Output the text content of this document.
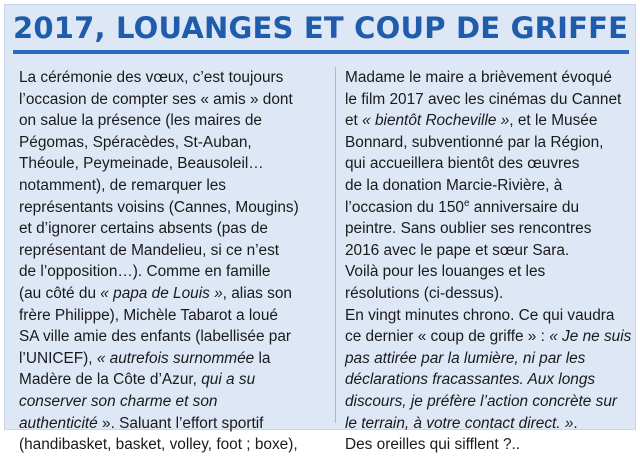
2017, LOUANGES ET COUP DE GRIFFE
La cérémonie des vœux, c’est toujours
l’occasion de compter ses « amis » dont
on salue la présence (les maires de
Pégomas, Spéracèdes, St-Auban,
Théoule, Peymeinade, Beausoleil…
notamment), de remarquer les
représentants voisins (Cannes, Mougins)
et d’ignorer certains absents (pas de
représentant de Mandelieu, si ce n’est
de l’opposition…). Comme en famille
(au côté du « papa de Louis », alias son
frère Philippe), Michèle Tabarot a loué
SA ville amie des enfants (labellisée par
l’UNICEF), « autrefois surnommée la
Madère de la Côte d’Azur, qui a su
conserver son charme et son
authenticité ». Saluant l’effort sportif
(handibasket, basket, volley, foot ; boxe),
Madame le maire a brièvement évoqué
le film 2017 avec les cinémas du Cannet
et « bientôt Rocheville », et le Musée
Bonnard, subventionné par la Région,
qui accueillera bientôt des œuvres
de la donation Marcie-Rivière, à
l’occasion du 150e anniversaire du
peintre. Sans oublier ses rencontres
2016 avec le pape et sœur Sara.
Voilà pour les louanges et les
résolutions (ci-dessus).
En vingt minutes chrono. Ce qui vaudra
ce dernier « coup de griffe » : « Je ne suis
pas attirée par la lumière, ni par les
déclarations fracassantes. Aux longs
discours, je préfère l’action concrète sur
le terrain, à votre contact direct. ».
Des oreilles qui sifflent ?..
